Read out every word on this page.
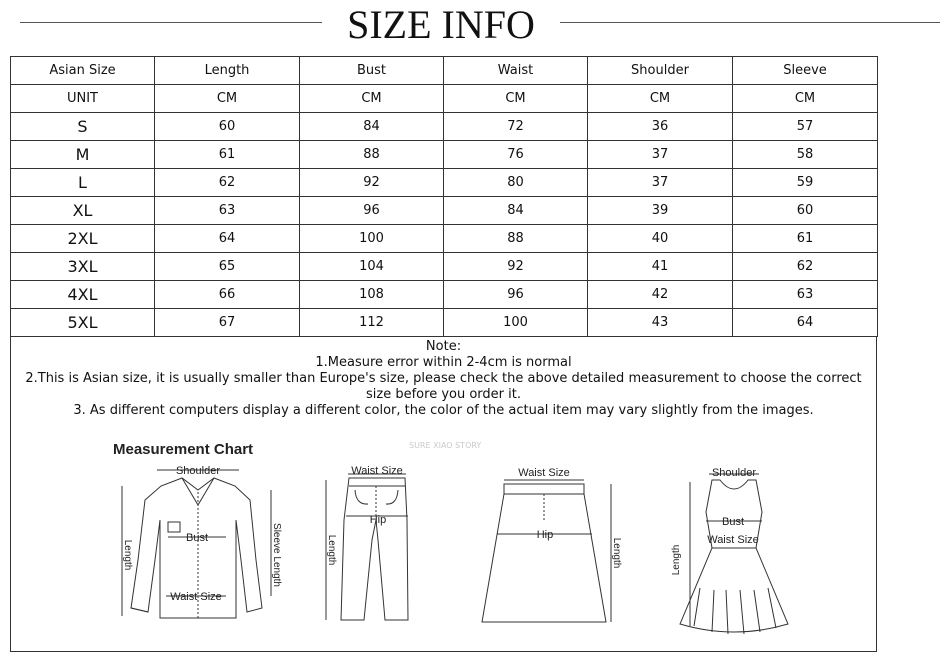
SIZE INFO
Asian Size	Length	Bust	Waist	Shoulder	Sleeve
UNIT	CM	CM	CM	CM	CM
S	60	84	72	36	57
M	61	88	76	37	58
L	62	92	80	37	59
XL	63	96	84	39	60
2XL	64	100	88	40	61
3XL	65	104	92	41	62
4XL	66	108	96	42	63
5XL	67	112	100	43	64
Note:
1.Measure error within 2-4cm is normal
2.This is Asian size, it is usually smaller than Europe's size, please check the above detailed measurement to choose the correct size before you order it.
3. As different computers display a different color, the color of the actual item may vary slightly from the images.
Measurement Chart	SURE XIAO STORY
Shoulder
Bust
Waist Size
Length	Sleeve Length
Waist Size
Hip
Length
Waist Size
Hip
Length
Shoulder
Bust
Waist Size
Length
